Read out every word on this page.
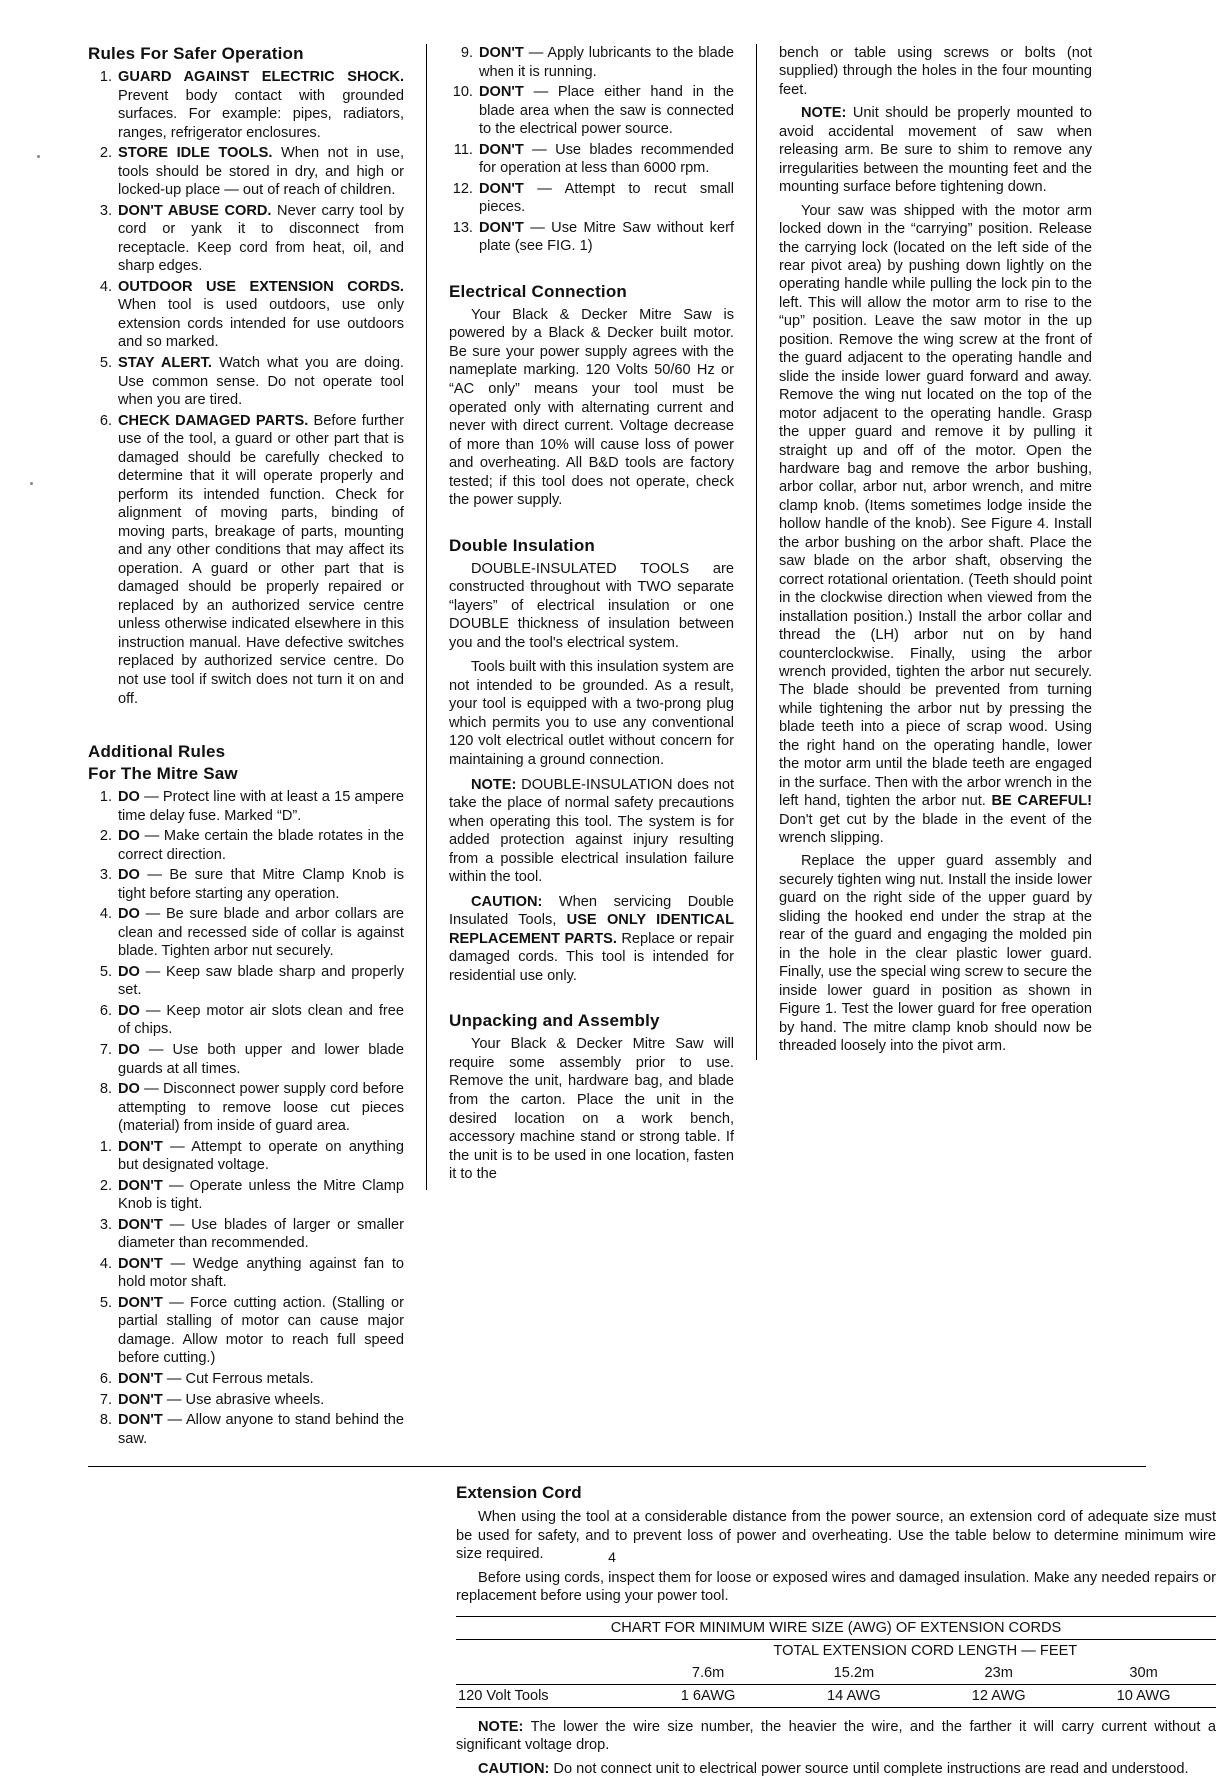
Rules For Safer Operation
1. GUARD AGAINST ELECTRIC SHOCK. Prevent body contact with grounded surfaces. For example: pipes, radiators, ranges, refrigerator enclosures.
2. STORE IDLE TOOLS. When not in use, tools should be stored in dry, and high or locked-up place — out of reach of children.
3. DON'T ABUSE CORD. Never carry tool by cord or yank it to disconnect from receptacle. Keep cord from heat, oil, and sharp edges.
4. OUTDOOR USE EXTENSION CORDS. When tool is used outdoors, use only extension cords intended for use outdoors and so marked.
5. STAY ALERT. Watch what you are doing. Use common sense. Do not operate tool when you are tired.
6. CHECK DAMAGED PARTS. Before further use of the tool, a guard or other part that is damaged should be carefully checked to determine that it will operate properly and perform its intended function. Check for alignment of moving parts, binding of moving parts, breakage of parts, mounting and any other conditions that may affect its operation. A guard or other part that is damaged should be properly repaired or replaced by an authorized service centre unless otherwise indicated elsewhere in this instruction manual. Have defective switches replaced by authorized service centre. Do not use tool if switch does not turn it on and off.
Additional Rules
For The Mitre Saw
1. DO — Protect line with at least a 15 ampere time delay fuse. Marked “D”.
2. DO — Make certain the blade rotates in the correct direction.
3. DO — Be sure that Mitre Clamp Knob is tight before starting any operation.
4. DO — Be sure blade and arbor collars are clean and recessed side of collar is against blade. Tighten arbor nut securely.
5. DO — Keep saw blade sharp and properly set.
6. DO — Keep motor air slots clean and free of chips.
7. DO — Use both upper and lower blade guards at all times.
8. DO — Disconnect power supply cord before attempting to remove loose cut pieces (material) from inside of guard area.
1. DON'T — Attempt to operate on anything but designated voltage.
2. DON'T — Operate unless the Mitre Clamp Knob is tight.
3. DON'T — Use blades of larger or smaller diameter than recommended.
4. DON'T — Wedge anything against fan to hold motor shaft.
5. DON'T — Force cutting action. (Stalling or partial stalling of motor can cause major damage. Allow motor to reach full speed before cutting.)
6. DON'T — Cut Ferrous metals.
7. DON'T — Use abrasive wheels.
8. DON'T — Allow anyone to stand behind the saw.
9. DON'T — Apply lubricants to the blade when it is running.
10. DON'T — Place either hand in the blade area when the saw is connected to the electrical power source.
11. DON'T — Use blades recommended for operation at less than 6000 rpm.
12. DON'T — Attempt to recut small pieces.
13. DON'T — Use Mitre Saw without kerf plate (see FIG. 1)
Electrical Connection

Your Black & Decker Mitre Saw is powered by a Black & Decker built motor. Be sure your power supply agrees with the nameplate marking. 120 Volts 50/60 Hz or “AC only” means your tool must be operated only with alternating current and never with direct current. Voltage decrease of more than 10% will cause loss of power and overheating. All B&D tools are factory tested; if this tool does not operate, check the power supply.

Double Insulation

DOUBLE-INSULATED TOOLS are constructed throughout with TWO separate “layers” of electrical insulation or one DOUBLE thickness of insulation between you and the tool's electrical system.

Tools built with this insulation system are not intended to be grounded. As a result, your tool is equipped with a two-prong plug which permits you to use any conventional 120 volt electrical outlet without concern for maintaining a ground connection.

NOTE: DOUBLE-INSULATION does not take the place of normal safety precautions when operating this tool. The system is for added protection against injury resulting from a possible electrical insulation failure within the tool.

CAUTION: When servicing Double Insulated Tools, USE ONLY IDENTICAL REPLACEMENT PARTS. Replace or repair damaged cords. This tool is intended for residential use only.

Unpacking and Assembly

Your Black & Decker Mitre Saw will require some assembly prior to use. Remove the unit, hardware bag, and blade from the carton. Place the unit in the desired location on a work bench, accessory machine stand or strong table. If the unit is to be used in one location, fasten it to the

bench or table using screws or bolts (not supplied) through the holes in the four mounting feet.

NOTE: Unit should be properly mounted to avoid accidental movement of saw when releasing arm. Be sure to shim to remove any irregularities between the mounting feet and the mounting surface before tightening down.

Your saw was shipped with the motor arm locked down in the “carrying” position. Release the carrying lock (located on the left side of the rear pivot area) by pushing down lightly on the operating handle while pulling the lock pin to the left. This will allow the motor arm to rise to the “up” position. Leave the saw motor in the up position. Remove the wing screw at the front of the guard adjacent to the operating handle and slide the inside lower guard forward and away. Remove the wing nut located on the top of the motor adjacent to the operating handle. Grasp the upper guard and remove it by pulling it straight up and off of the motor. Open the hardware bag and remove the arbor bushing, arbor collar, arbor nut, arbor wrench, and mitre clamp knob. (Items sometimes lodge inside the hollow handle of the knob). See Figure 4. Install the arbor bushing on the arbor shaft. Place the saw blade on the arbor shaft, observing the correct rotational orientation. (Teeth should point in the clockwise direction when viewed from the installation position.) Install the arbor collar and thread the (LH) arbor nut on by hand counterclockwise. Finally, using the arbor wrench provided, tighten the arbor nut securely. The blade should be prevented from turning while tightening the arbor nut by pressing the blade teeth into a piece of scrap wood. Using the right hand on the operating handle, lower the motor arm until the blade teeth are engaged in the surface. Then with the arbor wrench in the left hand, tighten the arbor nut. BE CAREFUL! Don't get cut by the blade in the event of the wrench slipping.

Replace the upper guard assembly and securely tighten wing nut. Install the inside lower guard on the right side of the upper guard by sliding the hooked end under the strap at the rear of the guard and engaging the molded pin in the hole in the clear plastic lower guard. Finally, use the special wing screw to secure the inside lower guard in position as shown in Figure 1. Test the lower guard for free operation by hand. The mitre clamp knob should now be threaded loosely into the pivot arm.

Extension Cord

When using the tool at a considerable distance from the power source, an extension cord of adequate size must be used for safety, and to prevent loss of power and overheating. Use the table below to determine minimum wire size required.

Before using cords, inspect them for loose or exposed wires and damaged insulation. Make any needed repairs or replacement before using your power tool.

CHART FOR MINIMUM WIRE SIZE (AWG) OF EXTENSION CORDS				
	TOTAL EXTENSION CORD LENGTH — FEET			
	7.6m	15.2m	23m	30m
120 Volt Tools	1 6AWG	14 AWG	12 AWG	10 AWG

NOTE: The lower the wire size number, the heavier the wire, and the farther it will carry current without a significant voltage drop.

CAUTION: Do not connect unit to electrical power source until complete instructions are read and understood.

4
